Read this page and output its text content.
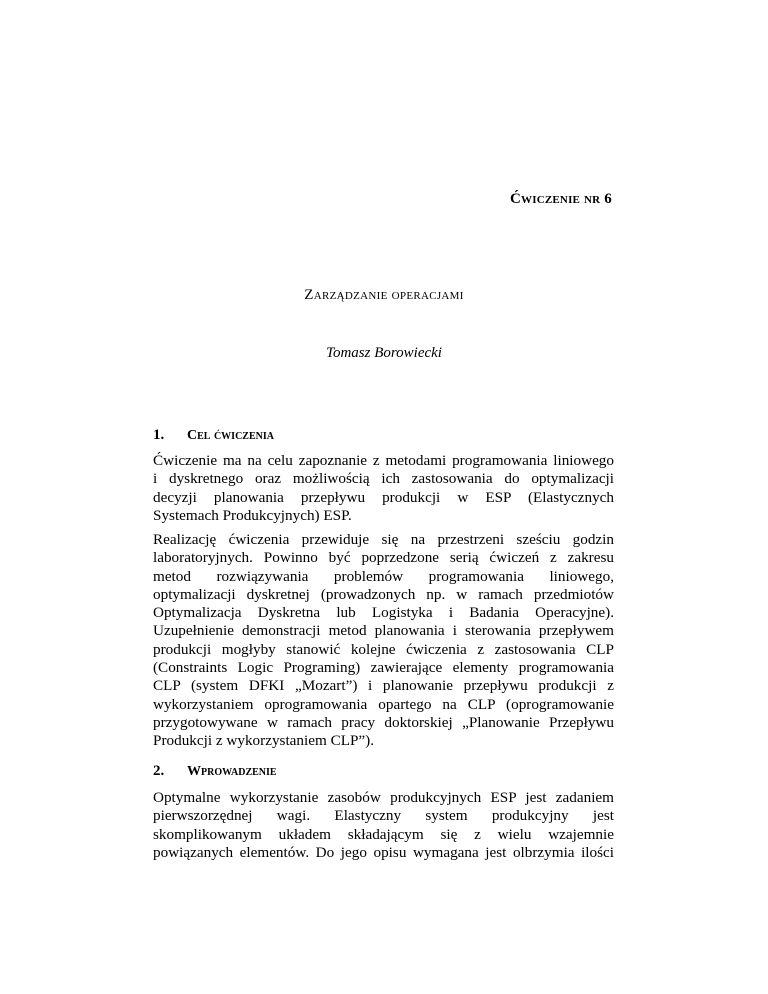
Ćwiczenie nr 6
Zarządzanie operacjami
Tomasz Borowiecki
1. Cel ćwiczenia
Ćwiczenie ma na celu zapoznanie z metodami programowania liniowego
i dyskretnego oraz możliwością ich zastosowania do optymalizacji
decyzji planowania przepływu produkcji w ESP (Elastycznych
Systemach Produkcyjnych) ESP.
Realizację ćwiczenia przewiduje się na przestrzeni sześciu godzin
laboratoryjnych. Powinno być poprzedzone serią ćwiczeń z zakresu
metod rozwiązywania problemów programowania liniowego,
optymalizacji dyskretnej (prowadzonych np. w ramach przedmiotów
Optymalizacja Dyskretna lub Logistyka i Badania Operacyjne).
Uzupełnienie demonstracji metod planowania i sterowania przepływem
produkcji mogłyby stanowić kolejne ćwiczenia z zastosowania CLP
(Constraints Logic Programing) zawierające elementy programowania
CLP (system DFKI „Mozart”) i planowanie przepływu produkcji z
wykorzystaniem oprogramowania opartego na CLP (oprogramowanie
przygotowywane w ramach pracy doktorskiej „Planowanie Przepływu
Produkcji z wykorzystaniem CLP”).
2. Wprowadzenie
Optymalne wykorzystanie zasobów produkcyjnych ESP jest zadaniem
pierwszorzędnej wagi. Elastyczny system produkcyjny jest
skomplikowanym układem składającym się z wielu wzajemnie
powiązanych elementów. Do jego opisu wymagana jest olbrzymia ilości
